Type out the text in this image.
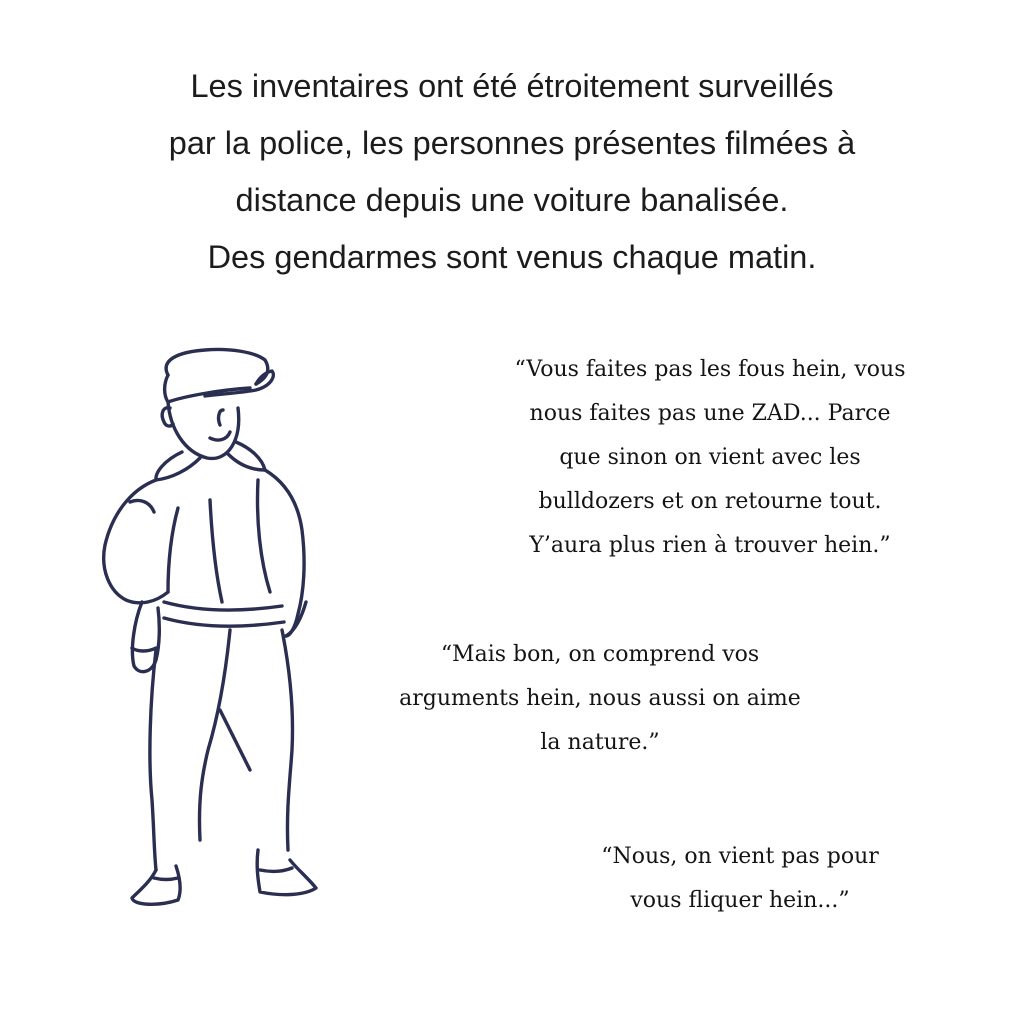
Les inventaires ont été étroitement surveillés
par la police, les personnes présentes filmées à
distance depuis une voiture banalisée.
Des gendarmes sont venus chaque matin.
“Vous faites pas les fous hein, vous
nous faites pas une ZAD... Parce
que sinon on vient avec les
bulldozers et on retourne tout.
Y’aura plus rien à trouver hein.”
“Mais bon, on comprend vos
arguments hein, nous aussi on aime
la nature.”
“Nous, on vient pas pour
vous fliquer hein...”
